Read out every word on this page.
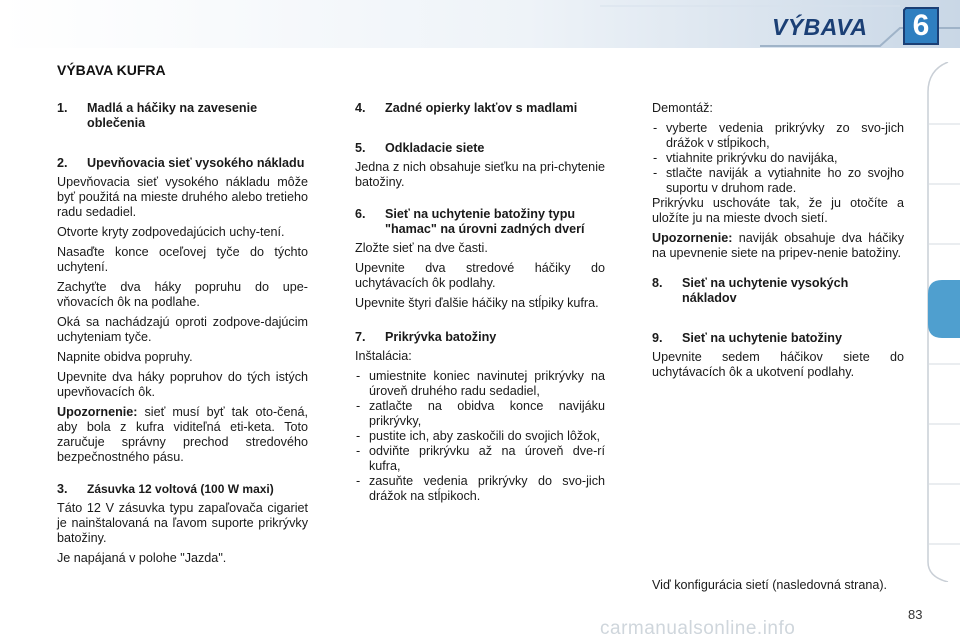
VÝBAVA	6
VÝBAVA KUFRA
1.	Madlá a háčiky na zavesenie oblečenia
2.	Upevňovacia sieť vysokého nákladu

Upevňovacia sieť vysokého nákladu môže byť použitá na mieste druhého alebo tretieho radu sedadiel.

Otvorte kryty zodpovedajúcich uchy-tení.

Nasaďte konce oceľovej tyče do týchto uchytení.

Zachyťte dva háky popruhu do upe-vňovacích ôk na podlahe.

Oká sa nachádzajú oproti zodpove-dajúcim uchyteniam tyče.

Napnite obidva popruhy.

Upevnite dva háky popruhov do tých istých upevňovacích ôk.

Upozornenie: sieť musí byť tak oto-čená, aby bola z kufra viditeľná eti-keta. Toto zaručuje správny prechod stredového bezpečnostného pásu.

3.	Zásuvka 12 voltová (100 W maxi)

Táto 12 V zásuvka typu zapaľovača cigariet je nainštalovaná na ľavom suporte prikrývky batožiny.

Je napájaná v polohe "Jazda".

4.	Zadné opierky lakťov s madlami
5.	Odkladacie siete

Jedna z nich obsahuje sieťku na pri-chytenie batožiny.

6.	Sieť na uchytenie batožiny typu "hamac" na úrovni zadných dverí

Zložte sieť na dve časti.

Upevnite dva stredové háčiky do uchytávacích ôk podlahy.

Upevnite štyri ďalšie háčiky na stĺpiky kufra.

7.	Prikrývka batožiny

Inštalácia:

- umiestnite koniec navinutej prikrývky na úroveň druhého radu sedadiel,
- zatlačte na obidva konce navijáku prikrývky,
- pustite ich, aby zaskočili do svojich lôžok,
- odviňte prikrývku až na úroveň dve-rí kufra,
- zasuňte vedenia prikrývky do svo-jich drážok na stĺpikoch.

Demontáž:

- vyberte vedenia prikrývky zo svo-jich drážok v stĺpikoch,
- vtiahnite prikrývku do navijáka,
- stlačte naviják a vytiahnite ho zo svojho suportu v druhom rade.

Prikrývku uschováte tak, že ju otočíte a uložíte ju na mieste dvoch sietí.

Upozornenie: naviják obsahuje dva háčiky na upevnenie siete na pripev-nenie batožiny.

8.	Sieť na uchytenie vysokých nákladov
9.	Sieť na uchytenie batožiny

Upevnite sedem háčikov siete do uchytávacích ôk a ukotvení podlahy.

Viď konfigurácia sietí (nasledovná strana).
83
carmanualsonline.info
